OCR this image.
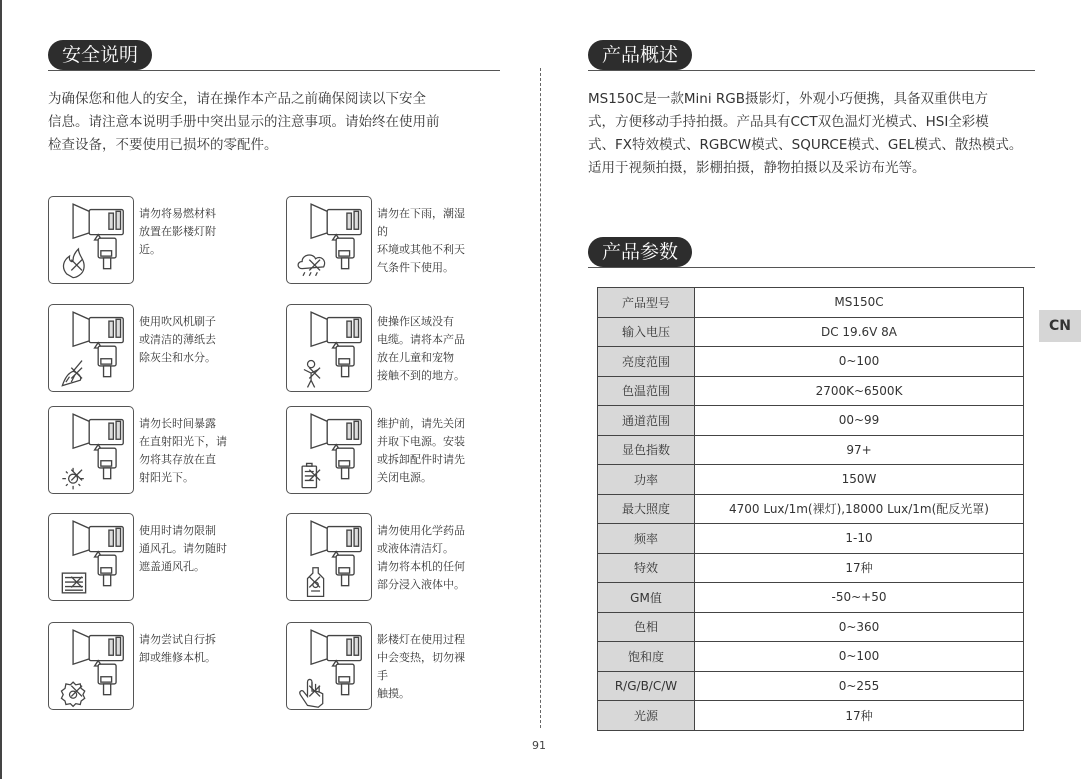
安全说明
为确保您和他人的安全，请在操作本产品之前确保阅读以下安全
信息。请注意本说明手册中突出显示的注意事项。请始终在使用前
检查设备，不要使用已损坏的零配件。
请勿将易燃材料
放置在影楼灯附
近。
请勿在下雨，潮湿的
环境或其他不利天
气条件下使用。
使用吹风机刷子
或清洁的薄纸去
除灰尘和水分。
使操作区域没有
电缆。请将本产品
放在儿童和宠物
接触不到的地方。
请勿长时间暴露
在直射阳光下，请
勿将其存放在直
射阳光下。
维护前，请先关闭
并取下电源。安装
或拆卸配件时请先
关闭电源。
使用时请勿限制
通风孔。请勿随时
遮盖通风孔。
请勿使用化学药品
或液体清洁灯。
请勿将本机的任何
部分浸入液体中。
请勿尝试自行拆
卸或维修本机。
影楼灯在使用过程
中会变热，切勿裸手
触摸。
产品概述
MS150C是一款Mini RGB摄影灯，外观小巧便携，具备双重供电方
式，方便移动手持拍摄。产品具有CCT双色温灯光模式、HSI全彩模
式、FX特效模式、RGBCW模式、SQURCE模式、GEL模式、散热模式。
适用于视频拍摄，影棚拍摄，静物拍摄以及采访布光等。
产品参数
产品型号	MS150C
输入电压	DC 19.6V 8A
亮度范围	0~100
色温范围	2700K~6500K
通道范围	00~99
显色指数	97+
功率	150W
最大照度	4700 Lux/1m(裸灯),18000 Lux/1m(配反光罩)
频率	1-10
特效	17种
GM值	-50~+50
色相	0~360
饱和度	0~100
R/G/B/C/W	0~255
光源	17种
91
CN
